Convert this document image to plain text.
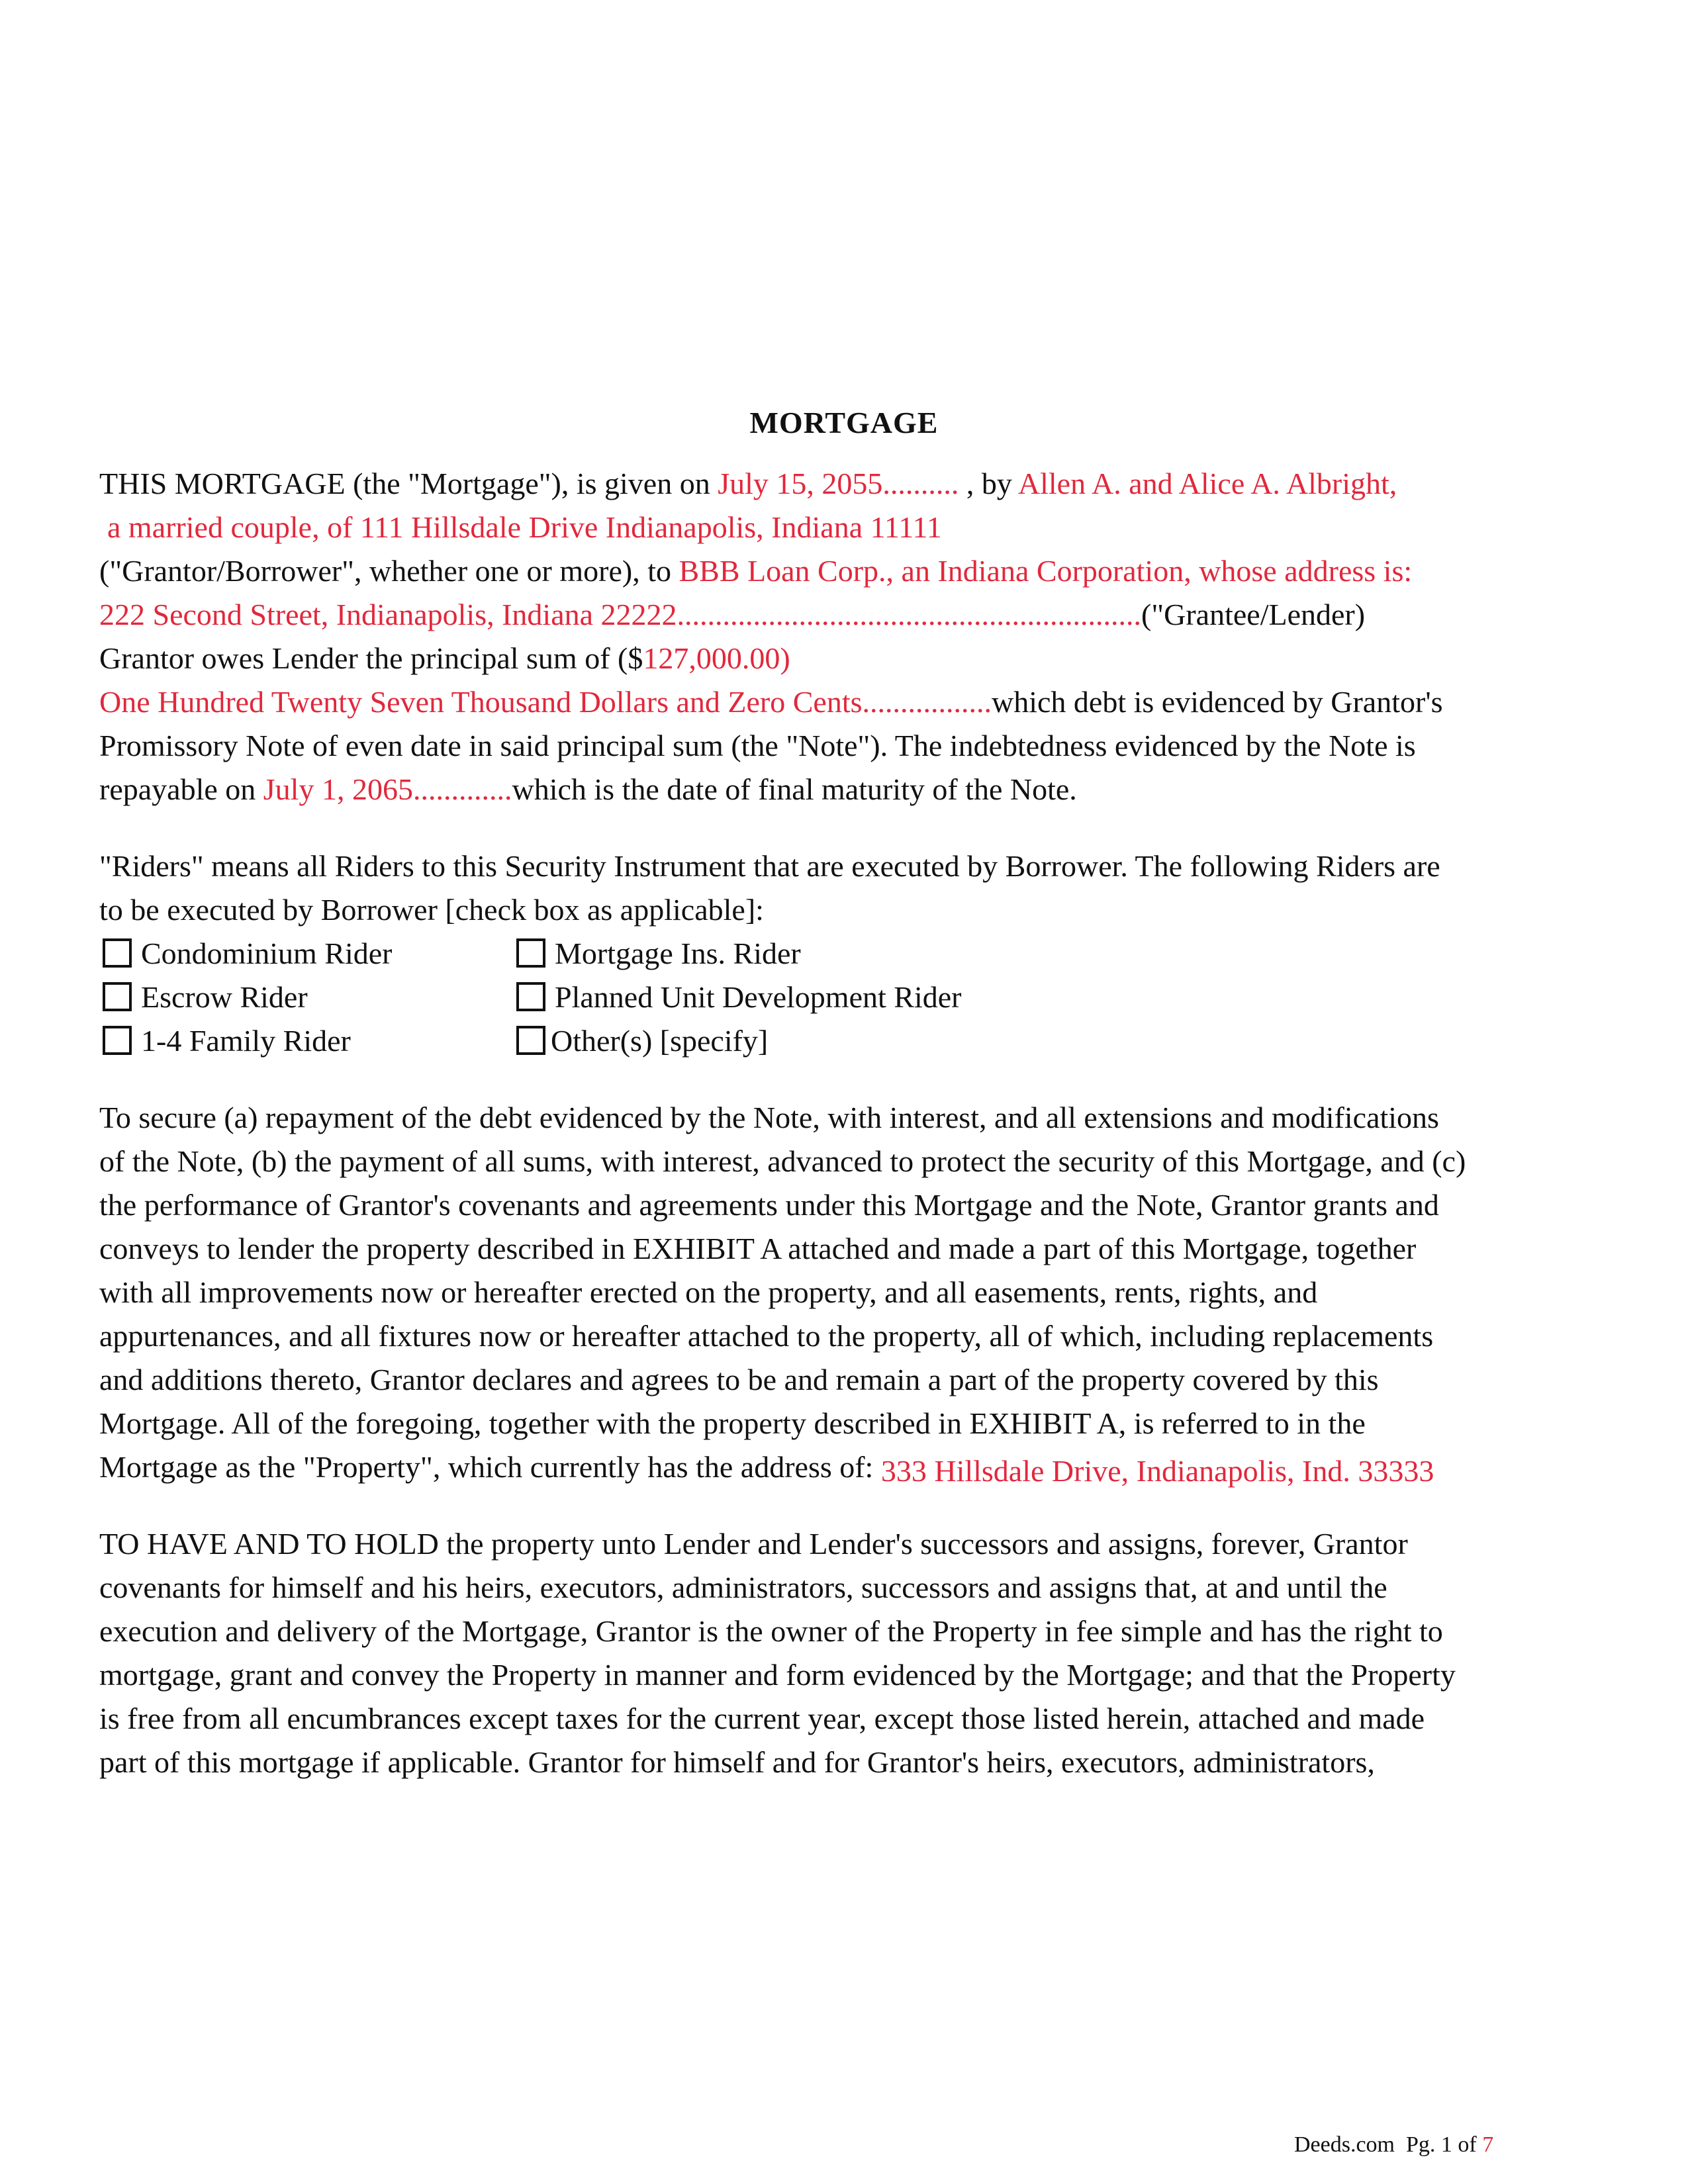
MORTGAGE
THIS MORTGAGE (the "Mortgage"), is given on July 15, 2055.......... , by Allen A. and Alice A. Albright,
a married couple, of 111 Hillsdale Drive Indianapolis, Indiana 11111
("Grantor/Borrower", whether one or more), to BBB Loan Corp., an Indiana Corporation, whose address is:
222 Second Street, Indianapolis, Indiana 22222.............................................................("Grantee/Lender)
Grantor owes Lender the principal sum of ($127,000.00)
One Hundred Twenty Seven Thousand Dollars and Zero Cents.................which debt is evidenced by Grantor's
Promissory Note of even date in said principal sum (the "Note"). The indebtedness evidenced by the Note is
repayable on July 1, 2065.............which is the date of final maturity of the Note.
"Riders" means all Riders to this Security Instrument that are executed by Borrower. The following Riders are
to be executed by Borrower [check box as applicable]:
Condominium Rider
Escrow Rider
1-4 Family Rider
Mortgage Ins. Rider
Planned Unit Development Rider
Other(s) [specify]
To secure (a) repayment of the debt evidenced by the Note, with interest, and all extensions and modifications
of the Note, (b) the payment of all sums, with interest, advanced to protect the security of this Mortgage, and (c)
the performance of Grantor's covenants and agreements under this Mortgage and the Note, Grantor grants and
conveys to lender the property described in EXHIBIT A attached and made a part of this Mortgage, together
with all improvements now or hereafter erected on the property, and all easements, rents, rights, and
appurtenances, and all fixtures now or hereafter attached to the property, all of which, including replacements
and additions thereto, Grantor declares and agrees to be and remain a part of the property covered by this
Mortgage. All of the foregoing, together with the property described in EXHIBIT A, is referred to in the
Mortgage as the "Property", which currently has the address of: 333 Hillsdale Drive, Indianapolis, Ind. 33333
TO HAVE AND TO HOLD the property unto Lender and Lender's successors and assigns, forever, Grantor
covenants for himself and his heirs, executors, administrators, successors and assigns that, at and until the
execution and delivery of the Mortgage, Grantor is the owner of the Property in fee simple and has the right to
mortgage, grant and convey the Property in manner and form evidenced by the Mortgage; and that the Property
is free from all encumbrances except taxes for the current year, except those listed herein, attached and made
part of this mortgage if applicable. Grantor for himself and for Grantor's heirs, executors, administrators,
Deeds.com Pg. 1 of 7
